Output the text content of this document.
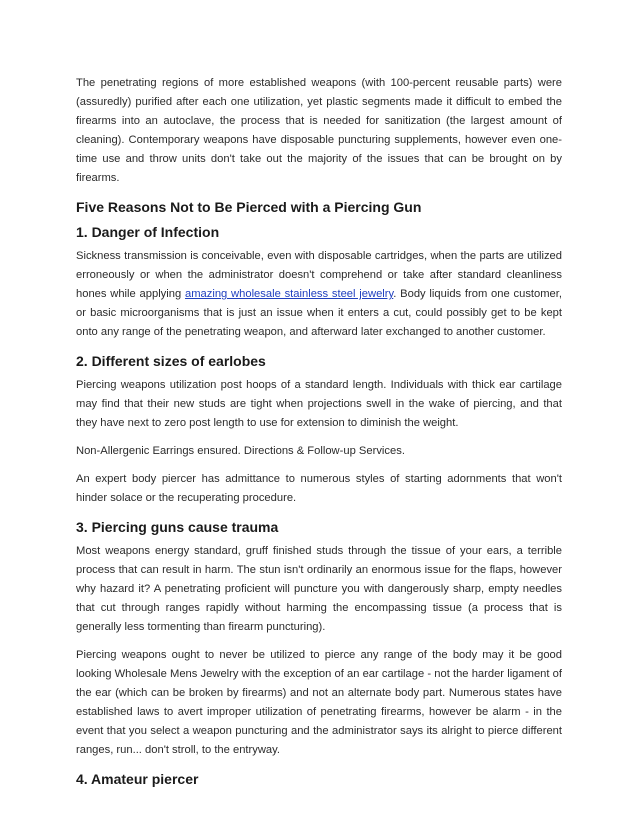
The penetrating regions of more established weapons (with 100-percent reusable parts) were (assuredly) purified after each one utilization, yet plastic segments made it difficult to embed the firearms into an autoclave, the process that is needed for sanitization (the largest amount of cleaning). Contemporary weapons have disposable puncturing supplements, however even one-time use and throw units don't take out the majority of the issues that can be brought on by firearms.

Five Reasons Not to Be Pierced with a Piercing Gun
1. Danger of Infection

Sickness transmission is conceivable, even with disposable cartridges, when the parts are utilized erroneously or when the administrator doesn't comprehend or take after standard cleanliness hones while applying amazing wholesale stainless steel jewelry. Body liquids from one customer, or basic microorganisms that is just an issue when it enters a cut, could possibly get to be kept onto any range of the penetrating weapon, and afterward later exchanged to another customer.

2. Different sizes of earlobes

Piercing weapons utilization post hoops of a standard length. Individuals with thick ear cartilage may find that their new studs are tight when projections swell in the wake of piercing, and that they have next to zero post length to use for extension to diminish the weight.

Non-Allergenic Earrings ensured. Directions & Follow-up Services.

An expert body piercer has admittance to numerous styles of starting adornments that won't hinder solace or the recuperating procedure.

3. Piercing guns cause trauma

Most weapons energy standard, gruff finished studs through the tissue of your ears, a terrible process that can result in harm. The stun isn't ordinarily an enormous issue for the flaps, however why hazard it? A penetrating proficient will puncture you with dangerously sharp, empty needles that cut through ranges rapidly without harming the encompassing tissue (a process that is generally less tormenting than firearm puncturing).

Piercing weapons ought to never be utilized to pierce any range of the body may it be good looking Wholesale Mens Jewelry with the exception of an ear cartilage - not the harder ligament of the ear (which can be broken by firearms) and not an alternate body part. Numerous states have established laws to avert improper utilization of penetrating firearms, however be alarm - in the event that you select a weapon puncturing and the administrator says its alright to pierce different ranges, run... don't stroll, to the entryway.

4. Amateur piercer
